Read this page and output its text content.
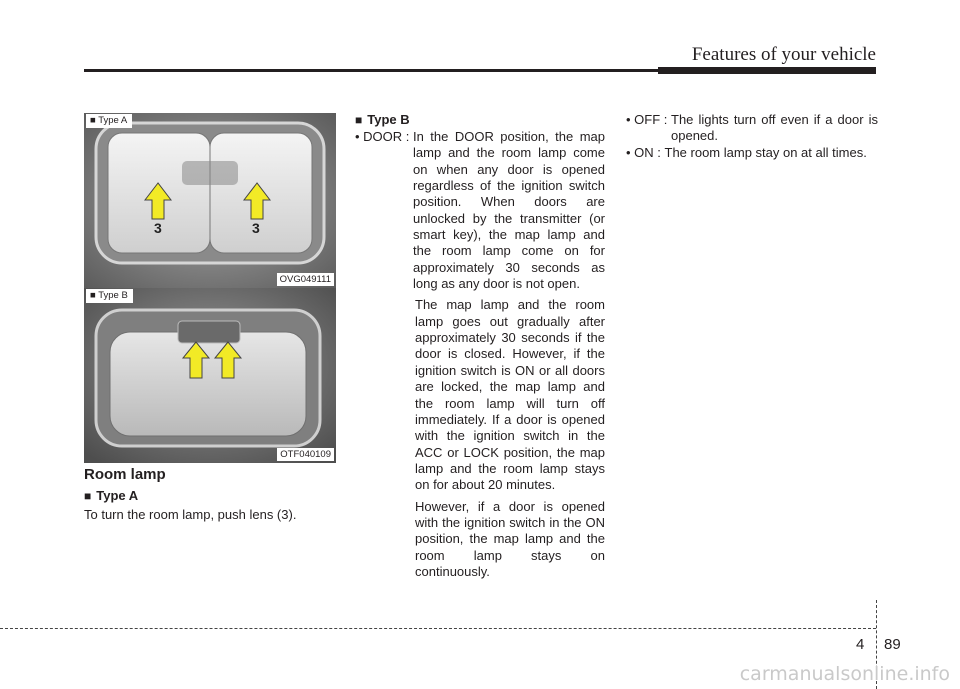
Features of your vehicle
3	3
■ Type A
OVG049111
■ Type B
OTF040109
Room lamp
■ Type A
To turn the room lamp, push lens (3).
■ Type B
• DOOR : In the DOOR position, the map lamp and the room lamp come on when any door is opened regardless of the ignition switch position. When doors are unlocked by the transmitter (or smart key), the map lamp and the room lamp come on for approximately 30 seconds as long as any door is not open.
The map lamp and the room lamp goes out gradually after approximately 30 seconds if the door is closed. However, if the ignition switch is ON or all doors are locked, the map lamp and the room lamp will turn off immediately. If a door is opened with the ignition switch in the ACC or LOCK position, the map lamp and the room lamp stays on for about 20 minutes.
However, if a door is opened with the ignition switch in the ON position, the map lamp and the room lamp stays on continuously.
• OFF : The lights turn off even if a door is opened.
• ON : The room lamp stay on at all times.
4 89
carmanualsonline.info
